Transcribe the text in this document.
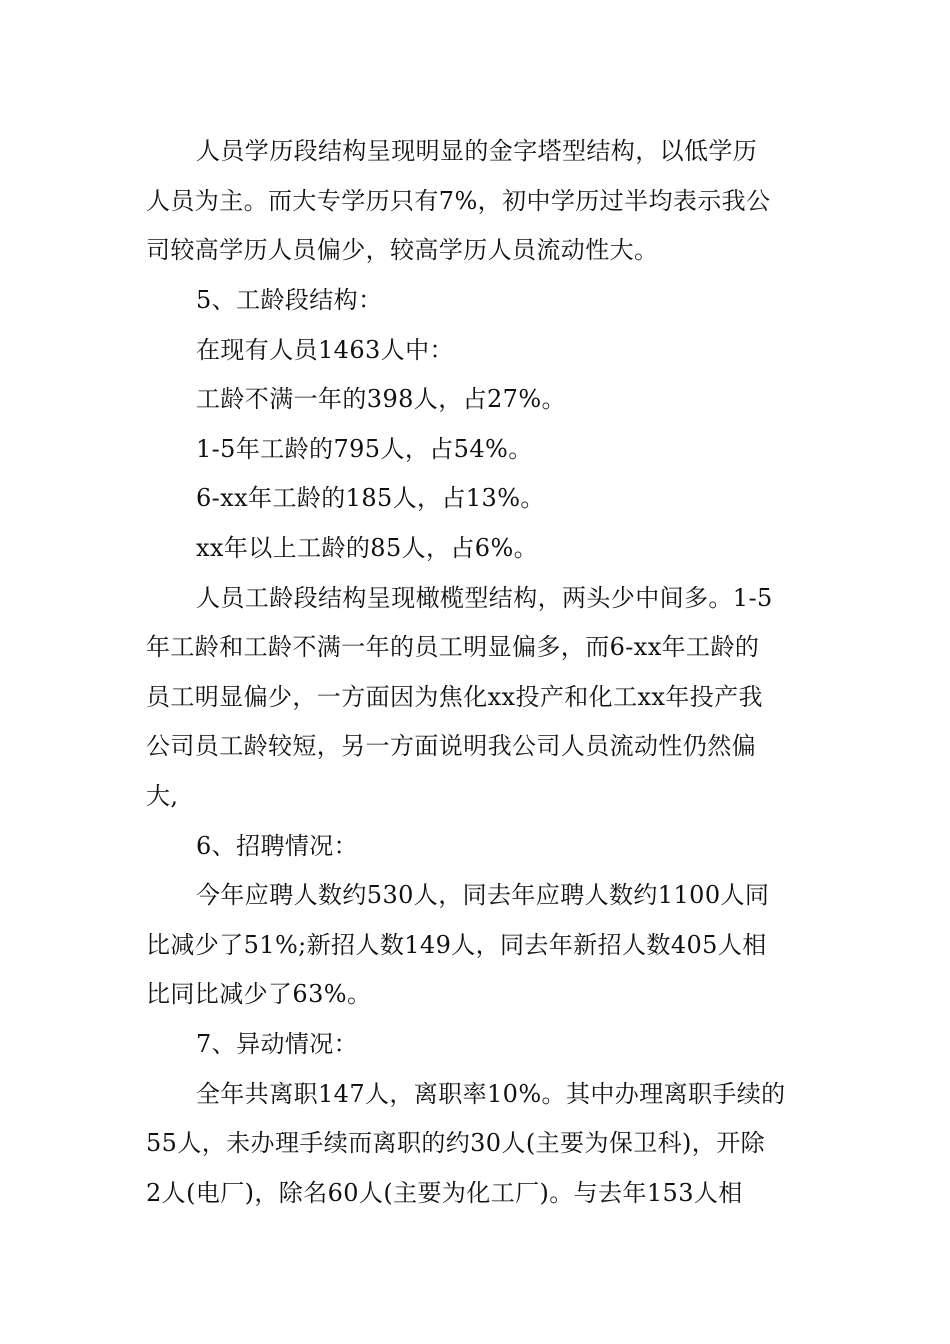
人员学历段结构呈现明显的金字塔型结构，以低学历
人员为主。而大专学历只有7%，初中学历过半均表示我公
司较高学历人员偏少，较高学历人员流动性大。
5、工龄段结构：
在现有人员1463人中：
工龄不满一年的398人，占27%。
1-5年工龄的795人，占54%。
6-xx年工龄的185人，占13%。
xx年以上工龄的85人，占6%。
人员工龄段结构呈现橄榄型结构，两头少中间多。1-5
年工龄和工龄不满一年的员工明显偏多，而6-xx年工龄的
员工明显偏少，一方面因为焦化xx投产和化工xx年投产我
公司员工龄较短，另一方面说明我公司人员流动性仍然偏
大,
6、招聘情况：
今年应聘人数约530人，同去年应聘人数约1100人同
比减少了51%;新招人数149人，同去年新招人数405人相
比同比减少了63%。
7、异动情况：
全年共离职147人，离职率10%。其中办理离职手续的
55人，未办理手续而离职的约30人(主要为保卫科)，开除
2人(电厂)，除名60人(主要为化工厂)。与去年153人相
